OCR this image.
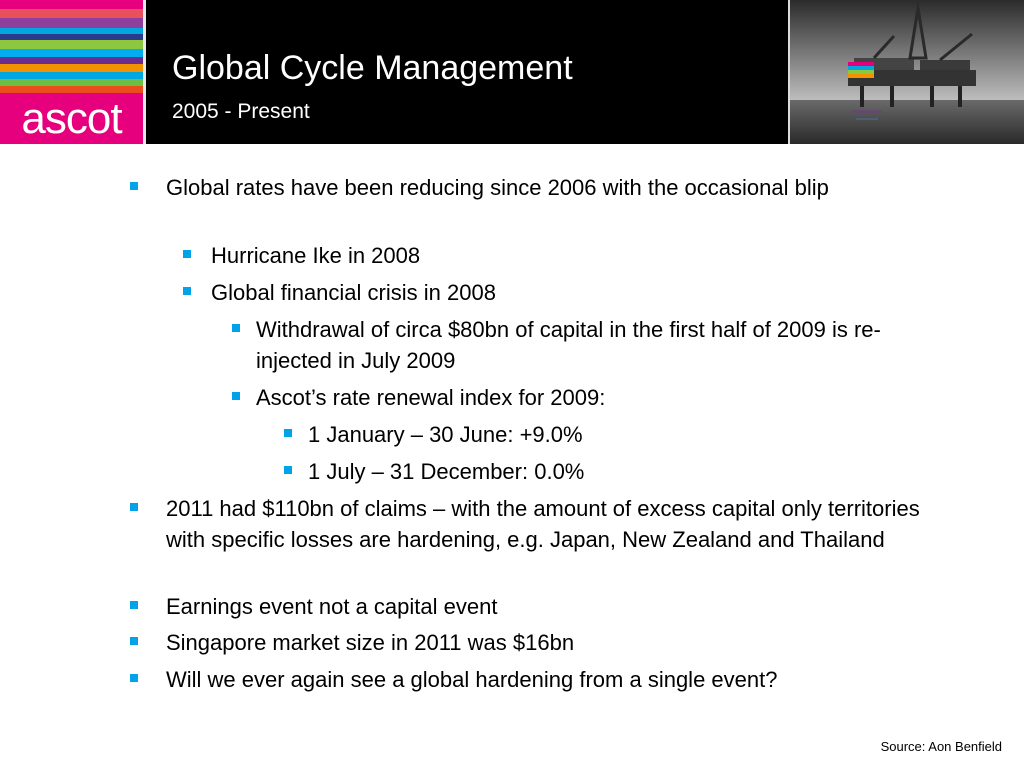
ascot
Global Cycle Management
2005 - Present
Global rates have been reducing since 2006 with the occasional blip
Hurricane Ike in 2008
Global financial crisis in 2008
Withdrawal of circa $80bn of capital in the first half of 2009 is re-injected in July 2009
Ascot’s rate renewal index for 2009:
1 January – 30 June: +9.0%
1 July – 31 December: 0.0%
2011 had $110bn of claims – with the amount of excess capital only territories with specific losses are hardening, e.g. Japan, New Zealand and Thailand
Earnings event not a capital event
Singapore market size in 2011 was $16bn
Will we ever again see a global hardening from a single event?
Source: Aon Benfield
